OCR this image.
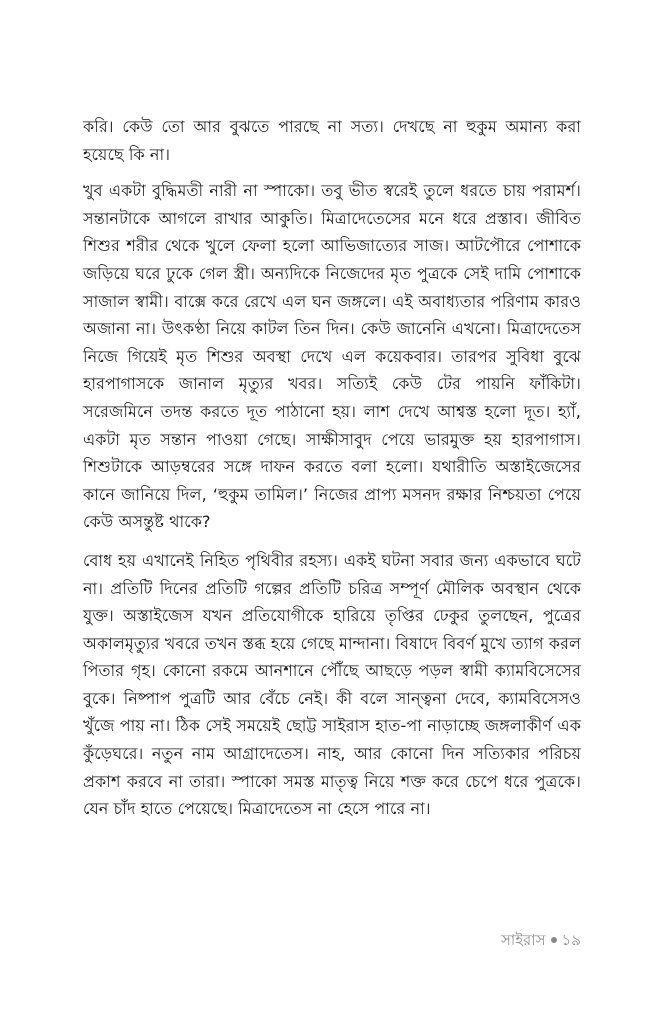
করি। কেউ তো আর বুঝতে পারছে না সত্য। দেখছে না হুকুম অমান্য করা হয়েছে কি না।

খুব একটা বুদ্ধিমতী নারী না স্পাকো। তবু ভীত স্বরেই তুলে ধরতে চায় পরামর্শ। সন্তানটাকে আগলে রাখার আকুতি। মিত্রাদেতেসের মনে ধরে প্রস্তাব। জীবিত শিশুর শরীর থেকে খুলে ফেলা হলো আভিজাত্যের সাজ। আটপৌরে পোশাকে জড়িয়ে ঘরে ঢুকে গেল স্ত্রী। অন্যদিকে নিজেদের মৃত পুত্রকে সেই দামি পোশাকে সাজাল স্বামী। বাক্সে করে রেখে এল ঘন জঙ্গলে। এই অবাধ্যতার পরিণাম কারও অজানা না। উৎকণ্ঠা নিয়ে কাটল তিন দিন। কেউ জানেনি এখনো। মিত্রাদেতেস নিজে গিয়েই মৃত শিশুর অবস্থা দেখে এল কয়েকবার। তারপর সুবিধা বুঝে হারপাগাসকে জানাল মৃত্যুর খবর। সত্যিই কেউ টের পায়নি ফাঁকিটা। সরেজমিনে তদন্ত করতে দূত পাঠানো হয়। লাশ দেখে আশ্বস্ত হলো দূত। হ্যাঁ, একটা মৃত সন্তান পাওয়া গেছে। সাক্ষীসাবুদ পেয়ে ভারমুক্ত হয় হারপাগাস। শিশুটাকে আড়ম্বরের সঙ্গে দাফন করতে বলা হলো। যথারীতি অস্তাইজেসের কানে জানিয়ে দিল, ‘হুকুম তামিল।’ নিজের প্রাপ্য মসনদ রক্ষার নিশ্চয়তা পেয়ে কেউ অসন্তুষ্ট থাকে?

বোধ হয় এখানেই নিহিত পৃথিবীর রহস্য। একই ঘটনা সবার জন্য একভাবে ঘটে না। প্রতিটি দিনের প্রতিটি গল্পের প্রতিটি চরিত্র সম্পূর্ণ মৌলিক অবস্থান থেকে যুক্ত। অস্তাইজেস যখন প্রতিযোগীকে হারিয়ে তৃপ্তির ঢেকুর তুলছেন, পুত্রের অকালমৃত্যুর খবরে তখন স্তব্ধ হয়ে গেছে মান্দানা। বিষাদে বিবর্ণ মুখে ত্যাগ করল পিতার গৃহ। কোনো রকমে আনশানে পৌঁছে আছড়ে পড়ল স্বামী ক্যামবিসেসের বুকে। নিষ্পাপ পুত্রটি আর বেঁচে নেই। কী বলে সান্ত্বনা দেবে, ক্যামবিসেসও খুঁজে পায় না। ঠিক সেই সময়েই ছোট্ট সাইরাস হাত-পা নাড়াচ্ছে জঙ্গলাকীর্ণ এক কুঁড়েঘরে। নতুন নাম আগ্রাদেতেস। নাহ, আর কোনো দিন সত্যিকার পরিচয় প্রকাশ করবে না তারা। স্পাকো সমস্ত মাতৃত্ব নিয়ে শক্ত করে চেপে ধরে পুত্রকে। যেন চাঁদ হাতে পেয়েছে। মিত্রাদেতেস না হেসে পারে না।

সাইরাস ১৯
